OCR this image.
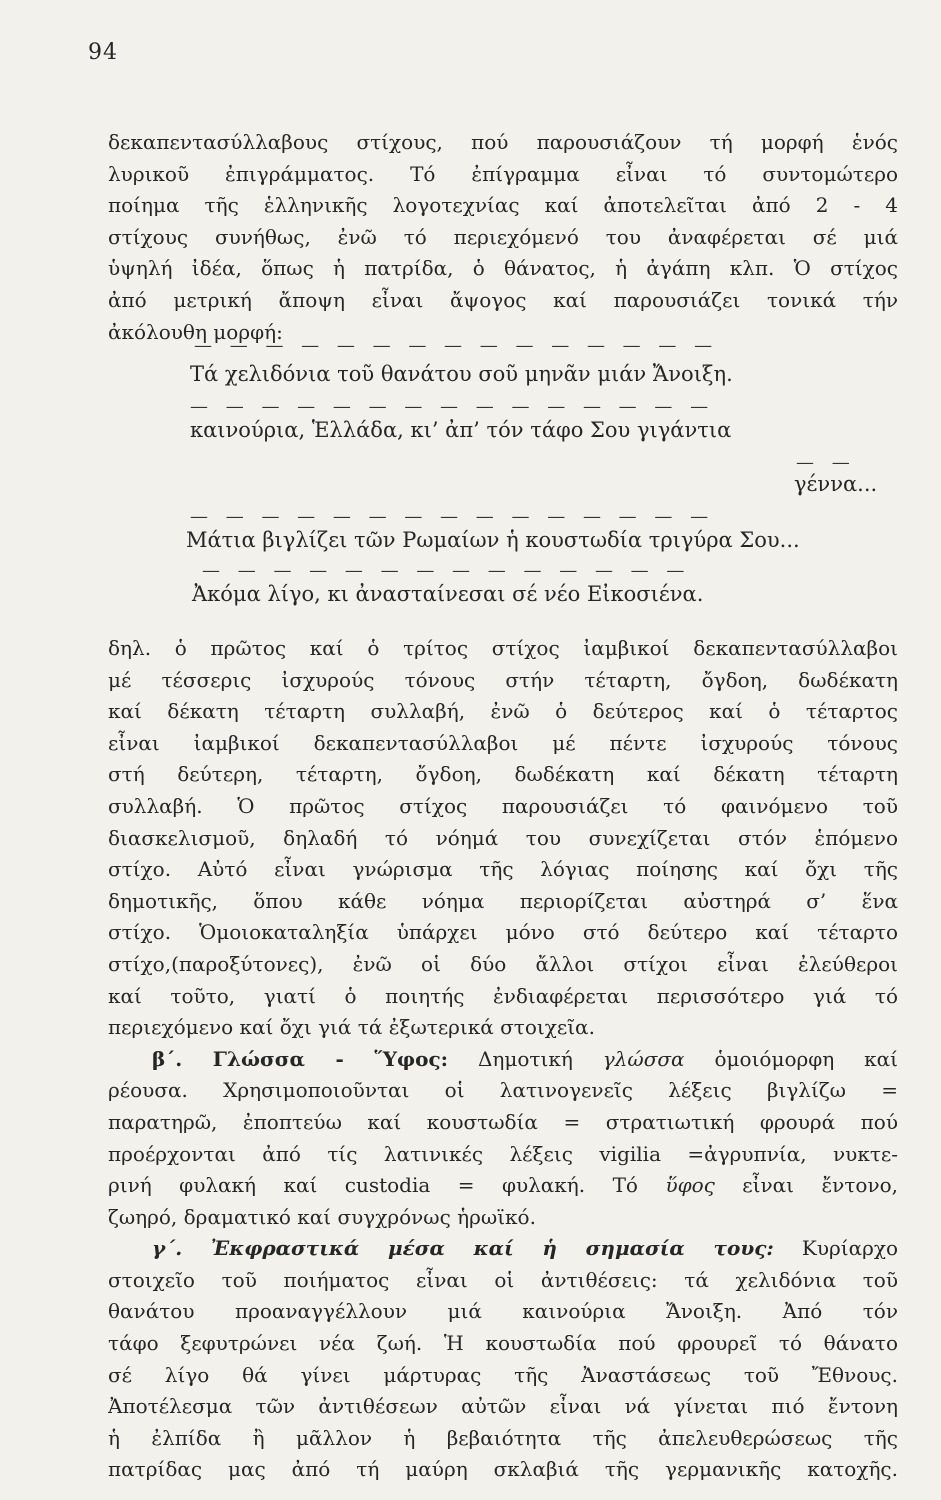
94
δεκαπεντασύλλαβους στίχους, πού παρουσιάζουν τή μορφή ἑνός
λυρικοῦ ἐπιγράμματος. Τό ἐπίγραμμα εἶναι τό συντομώτερο
ποίημα τῆς ἑλληνικῆς λογοτεχνίας καί ἀποτελεῖται ἀπό 2 - 4
στίχους συνήθως, ἐνῶ τό περιεχόμενό του ἀναφέρεται σέ μιά
ὑψηλή ἰδέα, ὅπως ἡ πατρίδα, ὁ θάνατος, ἡ ἀγάπη κλπ. Ὁ στίχος
ἀπό μετρική ἄποψη εἶναι ἄψογος καί παρουσιάζει τονικά τήν
ἀκόλουθη μορφή:
— — — — — — — — — — — — — — —
Τά χελιδόνια τοῦ θανάτου σοῦ μηνᾶν μιάν Ἄνοιξη.
— — — — — — — — — — — — — — —
καινούρια, Ἑλλάδα, κι’ ἀπ’ τόν τάφο Σου γιγάντια
— —
γέννα...
— — — — — — — — — — — — — — —
Μάτια βιγλίζει τῶν Ρωμαίων ἡ κουστωδία τριγύρα Σου...
— — — — — — — — — — — — — —
Ἀκόμα λίγο, κι ἀνασταίνεσαι σέ νέο Εἰκοσιένα.
δηλ. ὁ πρῶτος καί ὁ τρίτος στίχος ἰαμβικοί δεκαπεντασύλλαβοι
μέ τέσσερις ἰσχυρούς τόνους στήν τέταρτη, ὄγδοη, δωδέκατη
καί δέκατη τέταρτη συλλαβή, ἐνῶ ὁ δεύτερος καί ὁ τέταρτος
εἶναι ἰαμβικοί δεκαπεντασύλλαβοι μέ πέντε ἰσχυρούς τόνους
στή δεύτερη, τέταρτη, ὄγδοη, δωδέκατη καί δέκατη τέταρτη
συλλαβή. Ὁ πρῶτος στίχος παρουσιάζει τό φαινόμενο τοῦ
διασκελισμοῦ, δηλαδή τό νόημά του συνεχίζεται στόν ἑπόμενο
στίχο. Αὐτό εἶναι γνώρισμα τῆς λόγιας ποίησης καί ὄχι τῆς
δημοτικῆς, ὅπου κάθε νόημα περιορίζεται αὐστηρά σ’ ἕνα
στίχο. Ὁμοιοκαταληξία ὑπάρχει μόνο στό δεύτερο καί τέταρτο
στίχο,(παροξύτονες), ἐνῶ οἱ δύο ἄλλοι στίχοι εἶναι ἐλεύθεροι
καί τοῦτο, γιατί ὁ ποιητής ἐνδιαφέρεται περισσότερο γιά τό
περιεχόμενο καί ὄχι γιά τά ἐξωτερικά στοιχεῖα.
β΄. Γλώσσα - Ὕφος: Δημοτική γλώσσα ὁμοιόμορφη καί
ρέουσα. Χρησιμοποιοῦνται οἱ λατινογενεῖς λέξεις βιγλίζω =
παρατηρῶ, ἐποπτεύω καί κουστωδία = στρατιωτική φρουρά πού
προέρχονται ἀπό τίς λατινικές λέξεις vigilia =ἀγρυπνία, νυκτε-
ρινή φυλακή καί custodia = φυλακή. Τό ὕφος εἶναι ἔντονο,
ζωηρό, δραματικό καί συγχρόνως ἡρωϊκό.
γ΄. Ἐκφραστικά μέσα καί ἡ σημασία τους: Κυρίαρχο
στοιχεῖο τοῦ ποιήματος εἶναι οἱ ἀντιθέσεις: τά χελιδόνια τοῦ
θανάτου προαναγγέλλουν μιά καινούρια Ἄνοιξη. Ἀπό τόν
τάφο ξεφυτρώνει νέα ζωή. Ἡ κουστωδία πού φρουρεῖ τό θάνατο
σέ λίγο θά γίνει μάρτυρας τῆς Ἀναστάσεως τοῦ Ἔθνους.
Ἀποτέλεσμα τῶν ἀντιθέσεων αὐτῶν εἶναι νά γίνεται πιό ἔντονη
ἡ ἐλπίδα ἢ μᾶλλον ἡ βεβαιότητα τῆς ἀπελευθερώσεως τῆς
πατρίδας μας ἀπό τή μαύρη σκλαβιά τῆς γερμανικῆς κατοχῆς.
